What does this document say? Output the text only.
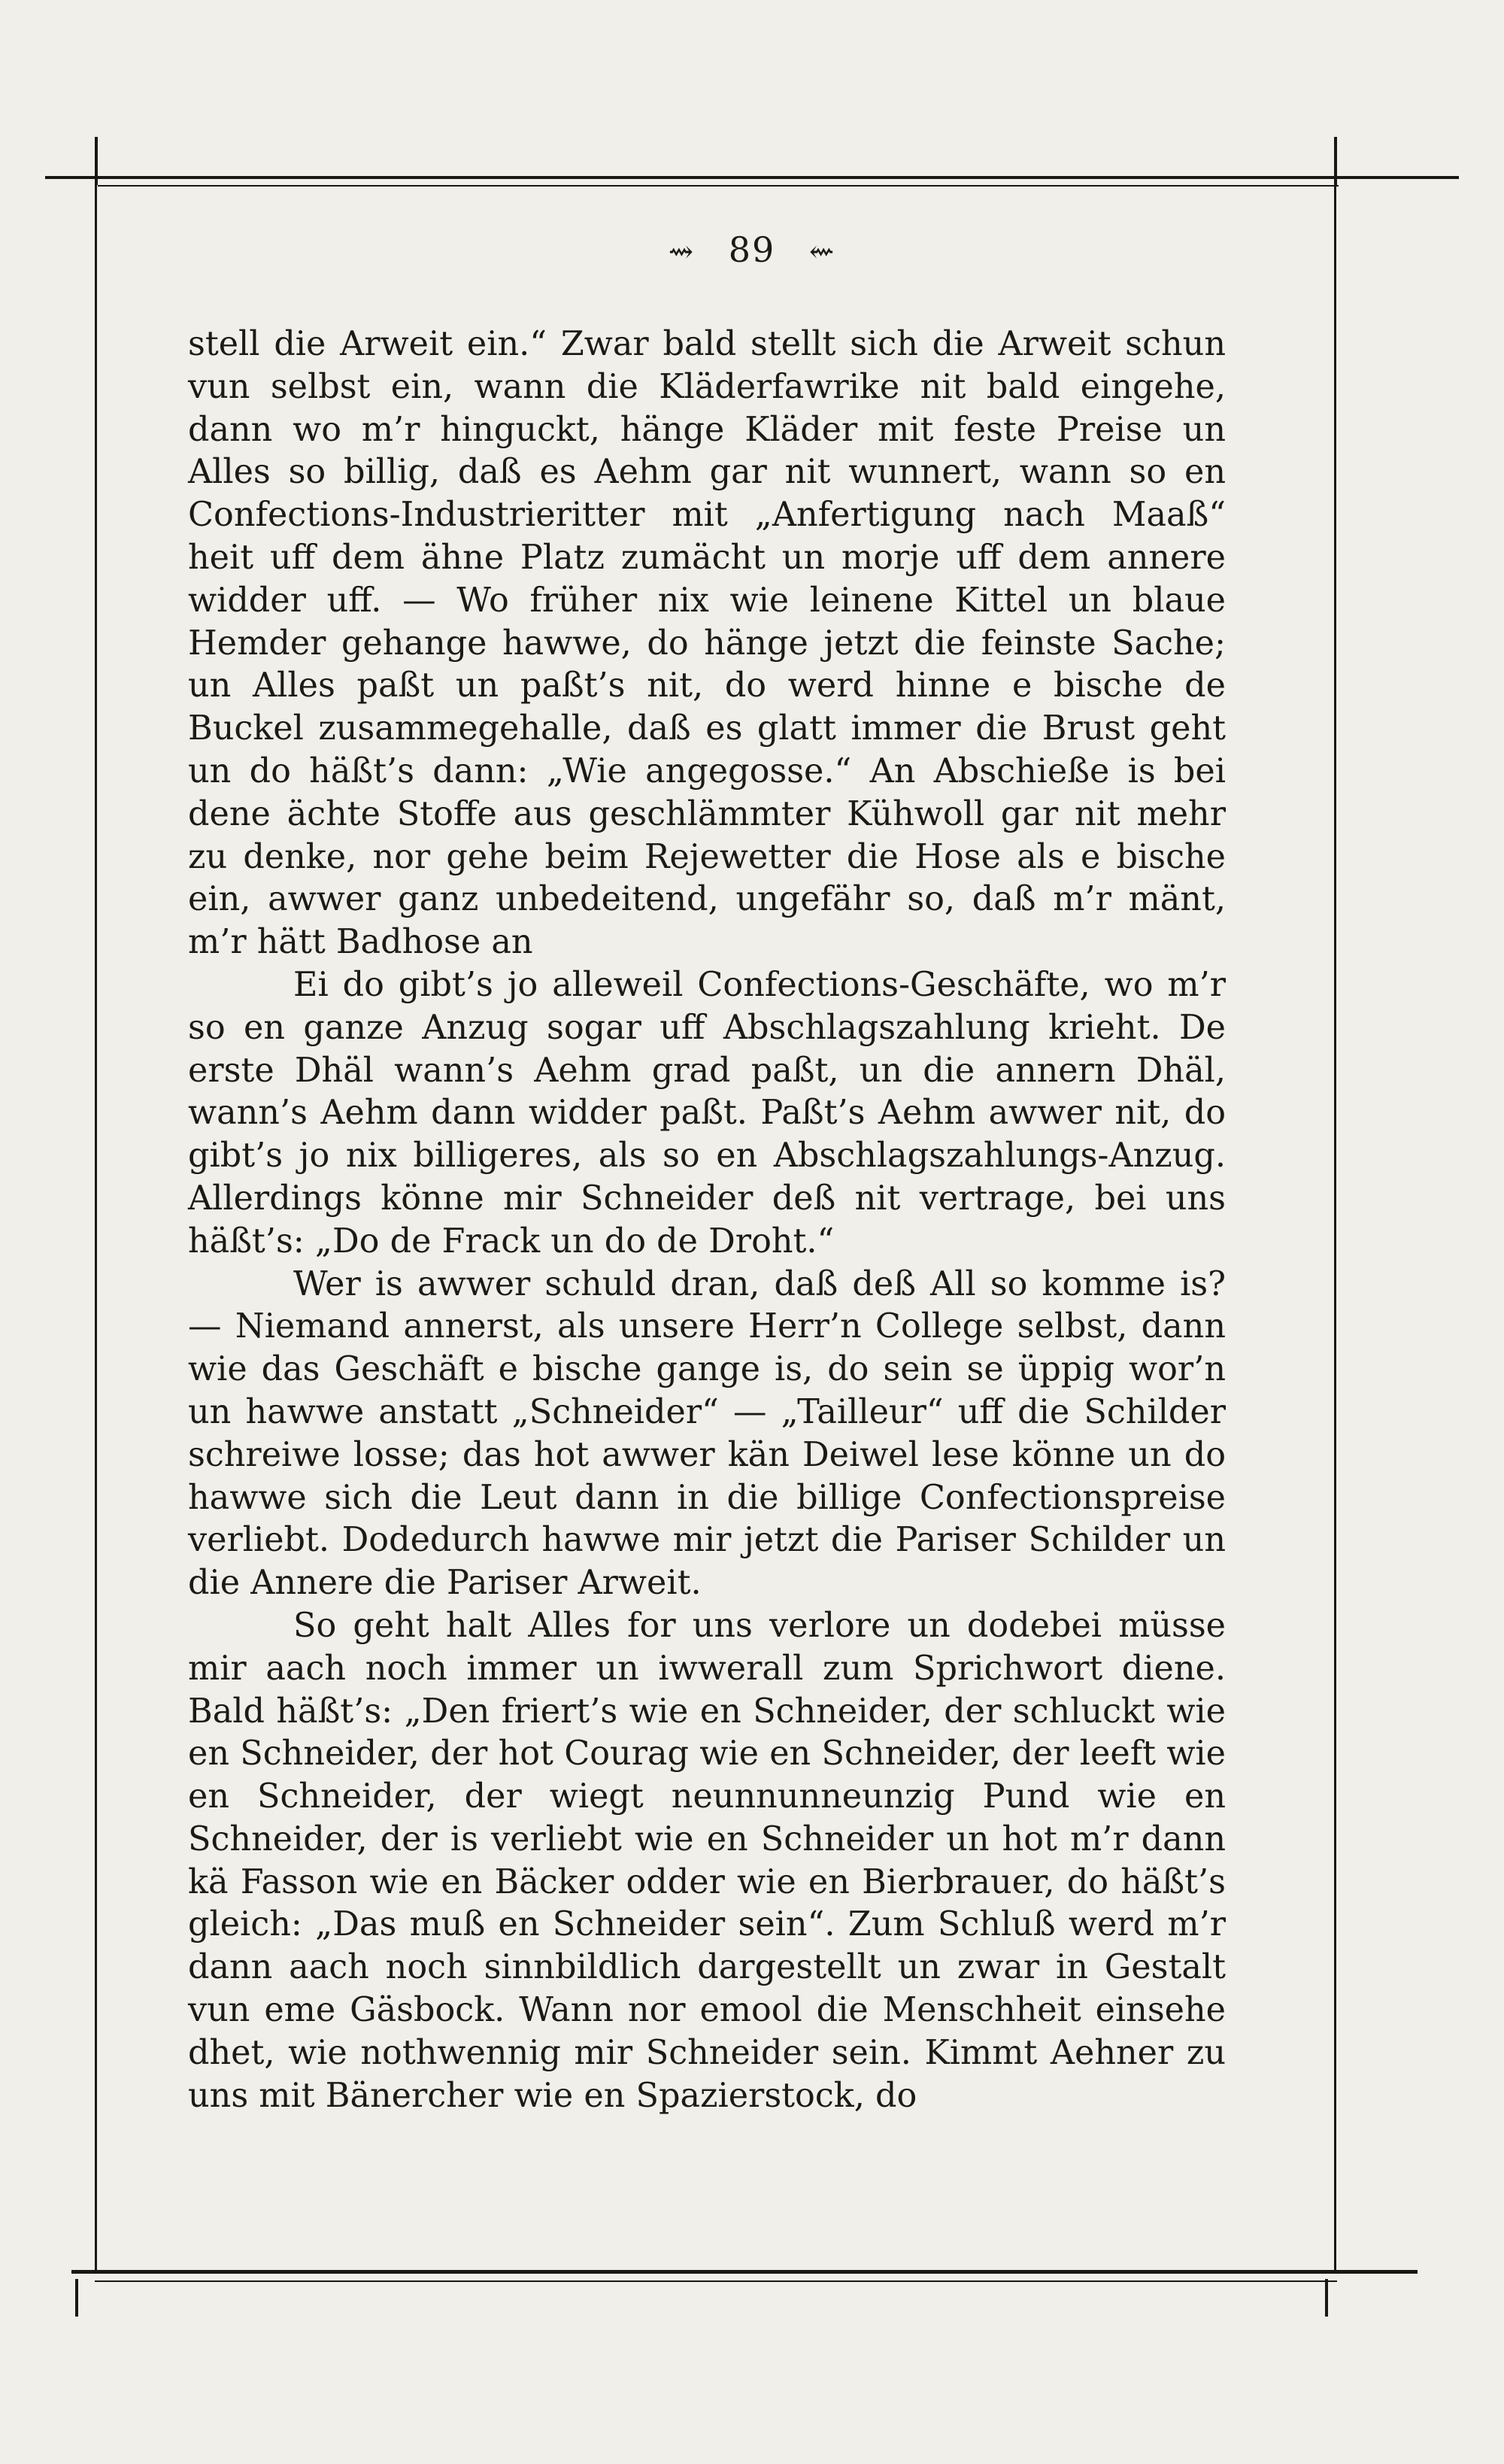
⇝ 89 ⇜

stell die Arweit ein.“ Zwar bald stellt sich die Arweit schun vun selbst ein, wann die Kläderfawrike nit bald eingehe, dann wo m’r hinguckt, hänge Kläder mit feste Preise un Alles so billig, daß es Aehm gar nit wunnert, wann so en Confections-Industrieritter mit „Anfertigung nach Maaß“ heit uff dem ähne Platz zumächt un morje uff dem annere widder uff. — Wo früher nix wie leinene Kittel un blaue Hemder gehange hawwe, do hänge jetzt die feinste Sache; un Alles paßt un paßt’s nit, do werd hinne e bische de Buckel zusammegehalle, daß es glatt immer die Brust geht un do häßt’s dann: „Wie angegosse.“ An Abschieße is bei dene ächte Stoffe aus geschlämmter Kühwoll gar nit mehr zu denke, nor gehe beim Rejewetter die Hose als e bische ein, awwer ganz unbedeitend, ungefähr so, daß m’r mänt, m’r hätt Badhose an

Ei do gibt’s jo alleweil Confections-Geschäfte, wo m’r so en ganze Anzug sogar uff Abschlagszahlung krieht. De erste Dhäl wann’s Aehm grad paßt, un die annern Dhäl, wann’s Aehm dann widder paßt. Paßt’s Aehm awwer nit, do gibt’s jo nix billigeres, als so en Abschlagszahlungs-Anzug. Allerdings könne mir Schneider deß nit vertrage, bei uns häßt’s: „Do de Frack un do de Droht.“

Wer is awwer schuld dran, daß deß All so komme is? — Niemand annerst, als unsere Herr’n College selbst, dann wie das Geschäft e bische gange is, do sein se üppig wor’n un hawwe anstatt „Schneider“ — „Tailleur“ uff die Schilder schreiwe losse; das hot awwer kän Deiwel lese könne un do hawwe sich die Leut dann in die billige Confectionspreise verliebt. Dodedurch hawwe mir jetzt die Pariser Schilder un die Annere die Pariser Arweit.

So geht halt Alles for uns verlore un dodebei müsse mir aach noch immer un iwwerall zum Sprichwort diene. Bald häßt’s: „Den friert’s wie en Schneider, der schluckt wie en Schneider, der hot Courag wie en Schneider, der leeft wie en Schneider, der wiegt neunnunneunzig Pund wie en Schneider, der is verliebt wie en Schneider un hot m’r dann kä Fasson wie en Bäcker odder wie en Bierbrauer, do häßt’s gleich: „Das muß en Schneider sein“. Zum Schluß werd m’r dann aach noch sinnbildlich dargestellt un zwar in Gestalt vun eme Gäsbock. Wann nor emool die Menschheit einsehe dhet, wie nothwennig mir Schneider sein. Kimmt Aehner zu uns mit Bänercher wie en Spazierstock, do
